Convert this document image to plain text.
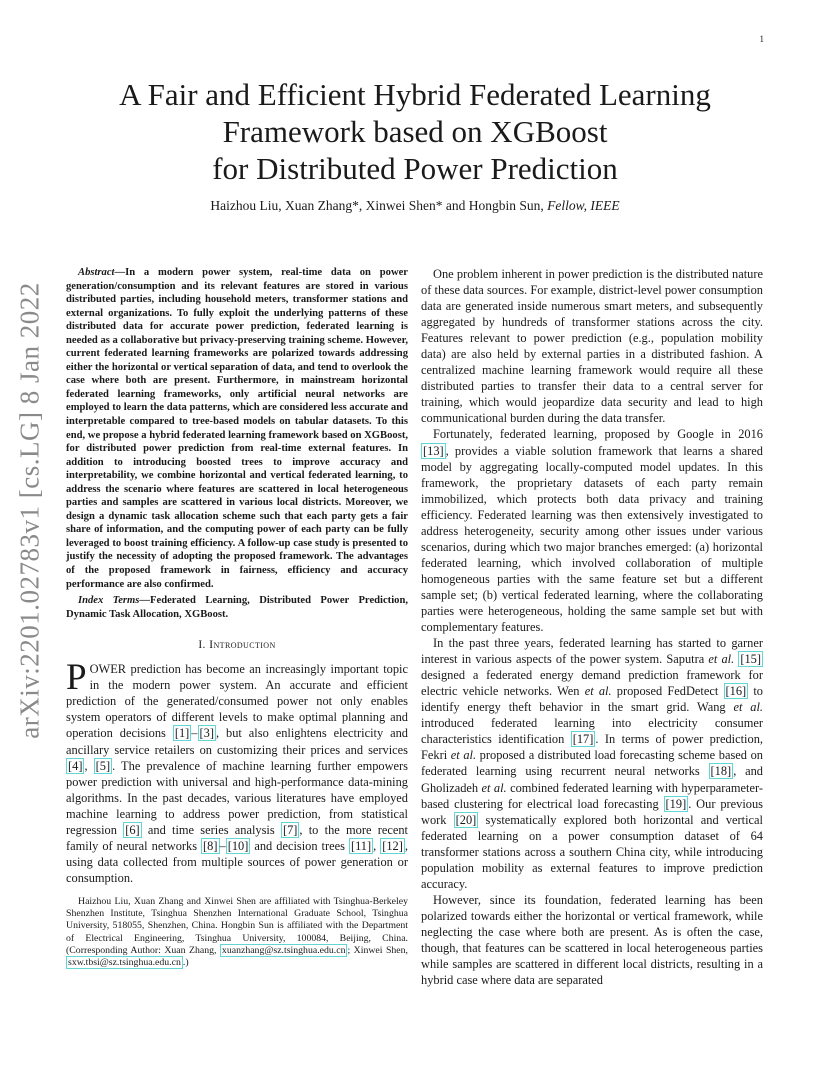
1
arXiv:2201.02783v1 [cs.LG] 8 Jan 2022
A Fair and Efficient Hybrid Federated Learning
Framework based on XGBoost
for Distributed Power Prediction
Haizhou Liu, Xuan Zhang*, Xinwei Shen* and Hongbin Sun, Fellow, IEEE

Abstract—In a modern power system, real-time data on power generation/consumption and its relevant features are stored in various distributed parties, including household meters, transformer stations and external organizations. To fully exploit the underlying patterns of these distributed data for accurate power prediction, federated learning is needed as a collaborative but privacy-preserving training scheme. However, current federated learning frameworks are polarized towards addressing either the horizontal or vertical separation of data, and tend to overlook the case where both are present. Furthermore, in mainstream horizontal federated learning frameworks, only artificial neural networks are employed to learn the data patterns, which are considered less accurate and interpretable compared to tree-based models on tabular datasets. To this end, we propose a hybrid federated learning framework based on XGBoost, for distributed power prediction from real-time external features. In addition to introducing boosted trees to improve accuracy and interpretability, we combine horizontal and vertical federated learning, to address the scenario where features are scattered in local heterogeneous parties and samples are scattered in various local districts. Moreover, we design a dynamic task allocation scheme such that each party gets a fair share of information, and the computing power of each party can be fully leveraged to boost training efficiency. A follow-up case study is presented to justify the necessity of adopting the proposed framework. The advantages of the proposed framework in fairness, efficiency and accuracy performance are also confirmed.

Index Terms—Federated Learning, Distributed Power Prediction, Dynamic Task Allocation, XGBoost.

I. Introduction

POWER prediction has become an increasingly important topic in the modern power system. An accurate and efficient prediction of the generated/consumed power not only enables system operators of different levels to make optimal planning and operation decisions [1] – [3] , but also enlightens electricity and ancillary service retailers on customizing their prices and services [4] , [5] . The prevalence of machine learning further empowers power prediction with universal and high-performance data-mining algorithms. In the past decades, various literatures have employed machine learning to address power prediction, from statistical regression [6] and time series analysis [7] , to the more recent family of neural networks [8] – [10] and decision trees [11] , [12] , using data collected from multiple sources of power generation or consumption.

Haizhou Liu, Xuan Zhang and Xinwei Shen are affiliated with Tsinghua-Berkeley Shenzhen Institute, Tsinghua Shenzhen International Graduate School, Tsinghua University, 518055, Shenzhen, China. Hongbin Sun is affiliated with the Department of Electrical Engineering, Tsinghua University, 100084, Beijing, China. (Corresponding Author: Xuan Zhang, xuanzhang@sz.tsinghua.edu.cn ; Xinwei Shen, sxw.tbsi@sz.tsinghua.edu.cn .)

One problem inherent in power prediction is the distributed nature of these data sources. For example, district-level power consumption data are generated inside numerous smart meters, and subsequently aggregated by hundreds of transformer stations across the city. Features relevant to power prediction (e.g., population mobility data) are also held by external parties in a distributed fashion. A centralized machine learning framework would require all these distributed parties to transfer their data to a central server for training, which would jeopardize data security and lead to high communicational burden during the data transfer.

Fortunately, federated learning, proposed by Google in 2016 [13] , provides a viable solution framework that learns a shared model by aggregating locally-computed model updates. In this framework, the proprietary datasets of each party remain immobilized, which protects both data privacy and training efficiency. Federated learning was then extensively investigated to address heterogeneity, security among other issues under various scenarios, during which two major branches emerged: (a) horizontal federated learning, which involved collaboration of multiple homogeneous parties with the same feature set but a different sample set; (b) vertical federated learning, where the collaborating parties were heterogeneous, holding the same sample set but with complementary features.

In the past three years, federated learning has started to garner interest in various aspects of the power system. Saputra et al. [15] designed a federated energy demand prediction framework for electric vehicle networks. Wen et al. proposed FedDetect [16] to identify energy theft behavior in the smart grid. Wang et al. introduced federated learning into electricity consumer characteristics identification [17] . In terms of power prediction, Fekri et al. proposed a distributed load forecasting scheme based on federated learning using recurrent neural networks [18] , and Gholizadeh et al. combined federated learning with hyperparameter-based clustering for electrical load forecasting [19] . Our previous work [20] systematically explored both horizontal and vertical federated learning on a power consumption dataset of 64 transformer stations across a southern China city, while introducing population mobility as external features to improve prediction accuracy.

However, since its foundation, federated learning has been polarized towards either the horizontal or vertical framework, while neglecting the case where both are present. As is often the case, though, that features can be scattered in local heterogeneous parties while samples are scattered in different local districts, resulting in a hybrid case where data are separated
